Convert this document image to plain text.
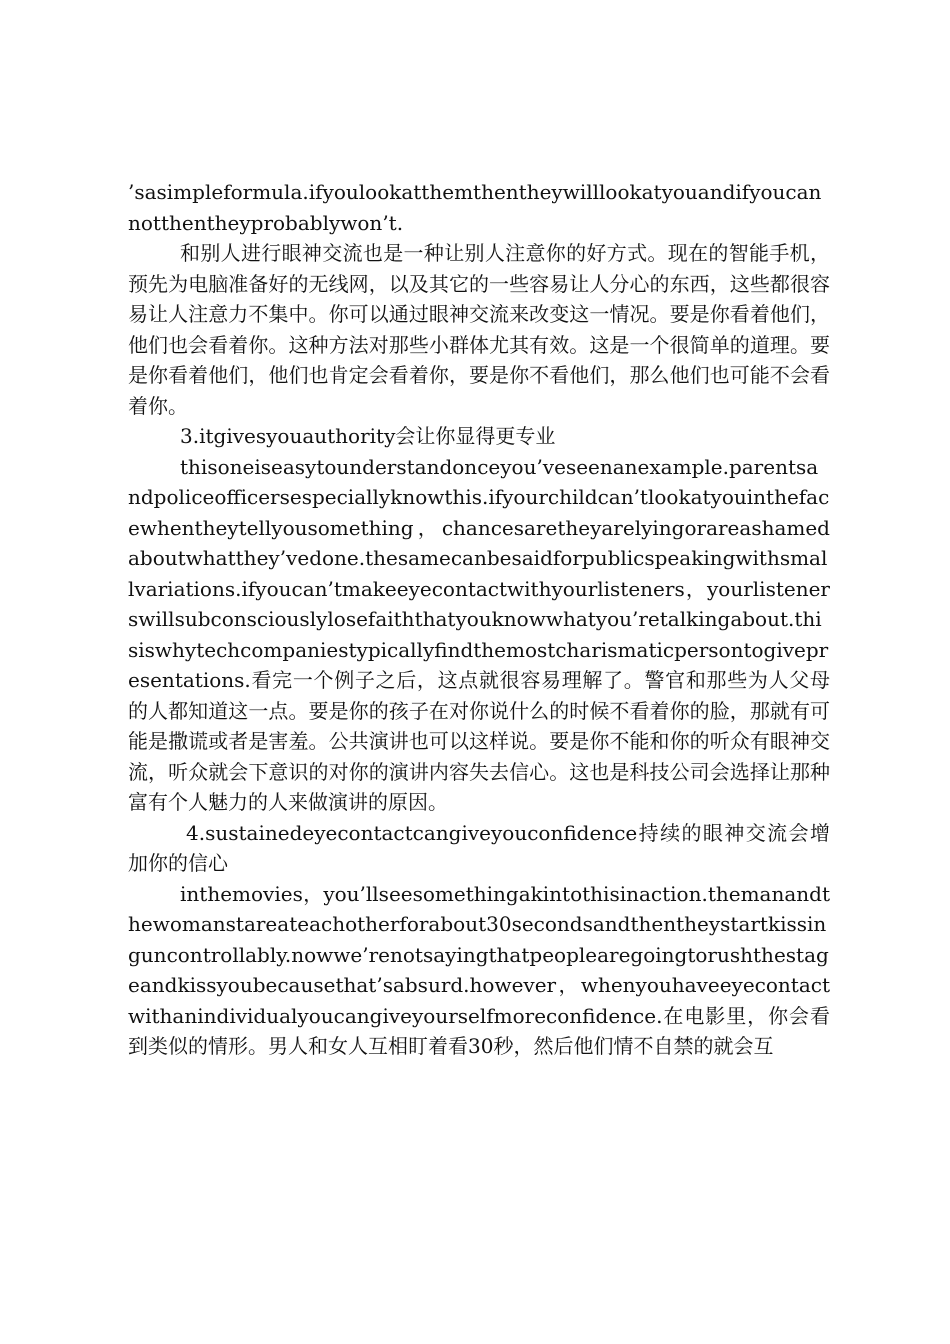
’sasimpleformula.ifyoulookatthemthentheywilllookatyouandifyoucannotthentheyprobablywon’t.

和别人进行眼神交流也是一种让别人注意你的好方式。现在的智能手机，预先为电脑准备好的无线网，以及其它的一些容易让人分心的东西，这些都很容易让人注意力不集中。你可以通过眼神交流来改变这一情况。要是你看着他们，他们也会看着你。这种方法对那些小群体尤其有效。这是一个很简单的道理。要是你看着他们，他们也肯定会看着你，要是你不看他们，那么他们也可能不会看着你。

3.itgivesyouauthority会让你显得更专业

thisoneiseasytounderstandonceyou’veseenanexample.parentsandpoliceofficersespeciallyknowthis.ifyourchildcan’tlookatyouinthefacewhentheytellyousomething，chancesaretheyarelyingorareashamedaboutwhatthey’vedone.thesamecanbesaidforpublicspeakingwithsmallvariations.ifyoucan’tmakeeyecontactwithyourlisteners，yourlistenerswillsubconsciouslylosefaiththatyouknowwhatyou’retalkingabout.thisiswhytechcompaniestypicallyfindthemostcharismaticpersontogivepresentations.看完一个例子之后，这点就很容易理解了。警官和那些为人父母的人都知道这一点。要是你的孩子在对你说什么的时候不看着你的脸，那就有可能是撒谎或者是害羞。公共演讲也可以这样说。要是你不能和你的听众有眼神交流，听众就会下意识的对你的演讲内容失去信心。这也是科技公司会选择让那种富有个人魅力的人来做演讲的原因。

4.sustainedeyecontactcangiveyouconfidence持续的眼神交流会增加你的信心

inthemovies，you’llseesomethingakintothisinaction.themanandthewomanstareateachotherforabout30secondsandthentheystartkissinguncontrollably.nowwe’renotsayingthatpeoplearegoingtorushthestageandkissyoubecausethat’sabsurd.however，whenyouhaveeyecontactwithanindividualyoucangiveyourselfmoreconfidence.在电影里，你会看到类似的情形。男人和女人互相盯着看30秒，然后他们情不自禁的就会互
